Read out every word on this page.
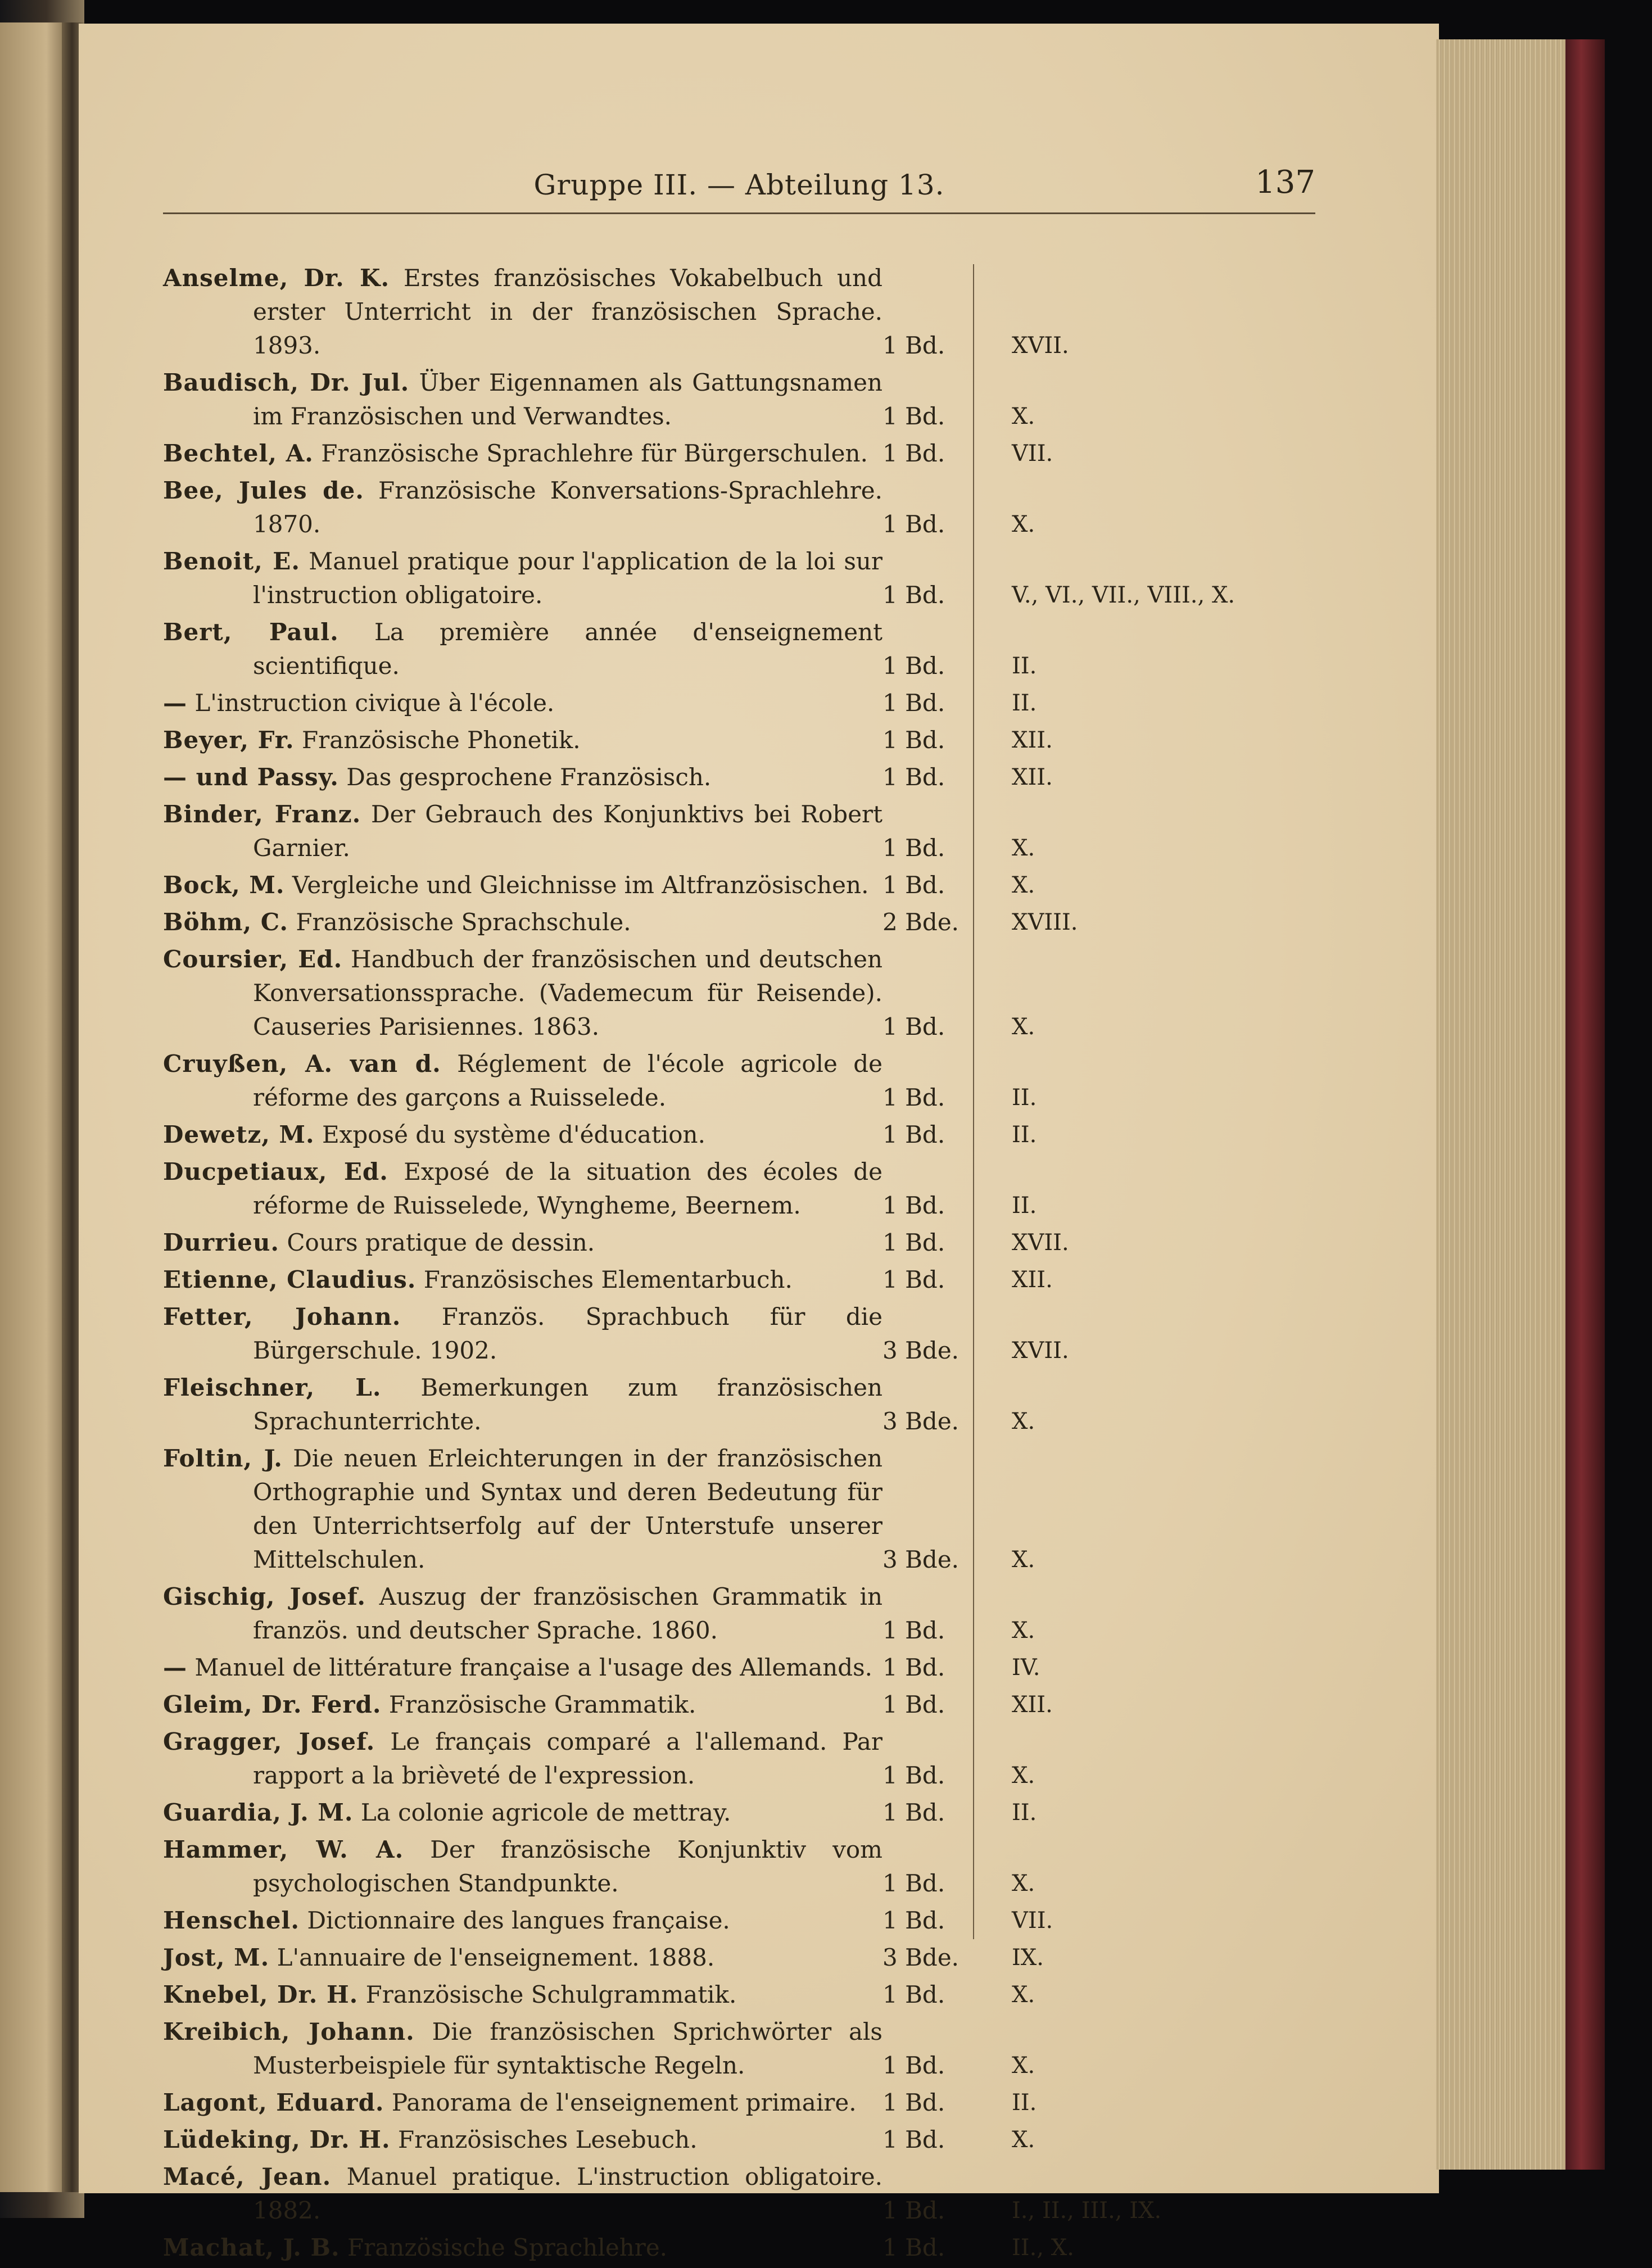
Gruppe III. — Abteilung 13.	137
Anselme, Dr. K. Erstes französisches Vokabelbuch und erster Unterricht in der französischen Sprache. 1893.	1 Bd.	XVII.
Baudisch, Dr. Jul. Über Eigennamen als Gattungsnamen im Französischen und Verwandtes.	1 Bd.	X.
Bechtel, A. Französische Sprachlehre für Bürgerschulen. 1 Bd.	VII.
Bee, Jules de. Französische Konversations-Sprachlehre. 1870.	1 Bd.	X.
Benoit, E. Manuel pratique pour l'application de la loi sur l'instruction obligatoire.	1 Bd.	V., VI., VII., VIII., X.
Bert, Paul. La première année d'enseignement scientifique.	1 Bd.	II.
— L'instruction civique à l'école.	1 Bd.	II.
Beyer, Fr. Französische Phonetik.	1 Bd.	XII.
— und Passy. Das gesprochene Französisch.	1 Bd.	XII.
Binder, Franz. Der Gebrauch des Konjunktivs bei Robert Garnier.	1 Bd.	X.
Bock, M. Vergleiche und Gleichnisse im Altfranzösischen. 1 Bd.	X.
Böhm, C. Französische Sprachschule.	2 Bde.	XVIII.
Coursier, Ed. Handbuch der französischen und deutschen Konversationssprache. (Vademecum für Reisende). Causeries Parisiennes. 1863.	1 Bd.	X.
Cruyßen, A. van d. Réglement de l'école agricole de réforme des garçons a Ruisselede.	1 Bd.	II.
Dewetz, M. Exposé du système d'éducation.	1 Bd.	II.
Ducpetiaux, Ed. Exposé de la situation des écoles de réforme de Ruisselede, Wyngheme, Beernem.	1 Bd.	II.
Durrieu. Cours pratique de dessin.	1 Bd.	XVII.
Etienne, Claudius. Französisches Elementarbuch.	1 Bd.	XII.
Fetter, Johann. Französ. Sprachbuch für die Bürgerschule. 1902.	3 Bde.	XVII.
Fleischner, L. Bemerkungen zum französischen Sprachunterrichte.	3 Bde.	X.
Foltin, J. Die neuen Erleichterungen in der französischen Orthographie und Syntax und deren Bedeutung für den Unterrichtserfolg auf der Unterstufe unserer Mittelschulen.	3 Bde.	X.
Gischig, Josef. Auszug der französischen Grammatik in französ. und deutscher Sprache. 1860.	1 Bd.	X.
— Manuel de littérature française a l'usage des Allemands. 1 Bd.	IV.
Gleim, Dr. Ferd. Französische Grammatik.	1 Bd.	XII.
Gragger, Josef. Le français comparé a l'allemand. Par rapport a la brièveté de l'expression.	1 Bd.	X.
Guardia, J. M. La colonie agricole de mettray.	1 Bd.	II.
Hammer, W. A. Der französische Konjunktiv vom psychologischen Standpunkte.	1 Bd.	X.
Henschel. Dictionnaire des langues française.	1 Bd.	VII.
Jost, M. L'annuaire de l'enseignement. 1888.	3 Bde.	IX.
Knebel, Dr. H. Französische Schulgrammatik.	1 Bd.	X.
Kreibich, Johann. Die französischen Sprichwörter als Musterbeispiele für syntaktische Regeln.	1 Bd.	X.
Lagont, Eduard. Panorama de l'enseignement primaire.	1 Bd.	II.
Lüdeking, Dr. H. Französisches Lesebuch.	1 Bd.	X.
Macé, Jean. Manuel pratique. L'instruction obligatoire. 1882.	1 Bd.	I., II., III., IX.
Machat, J. B. Französische Sprachlehre.	1 Bd.	II., X.
